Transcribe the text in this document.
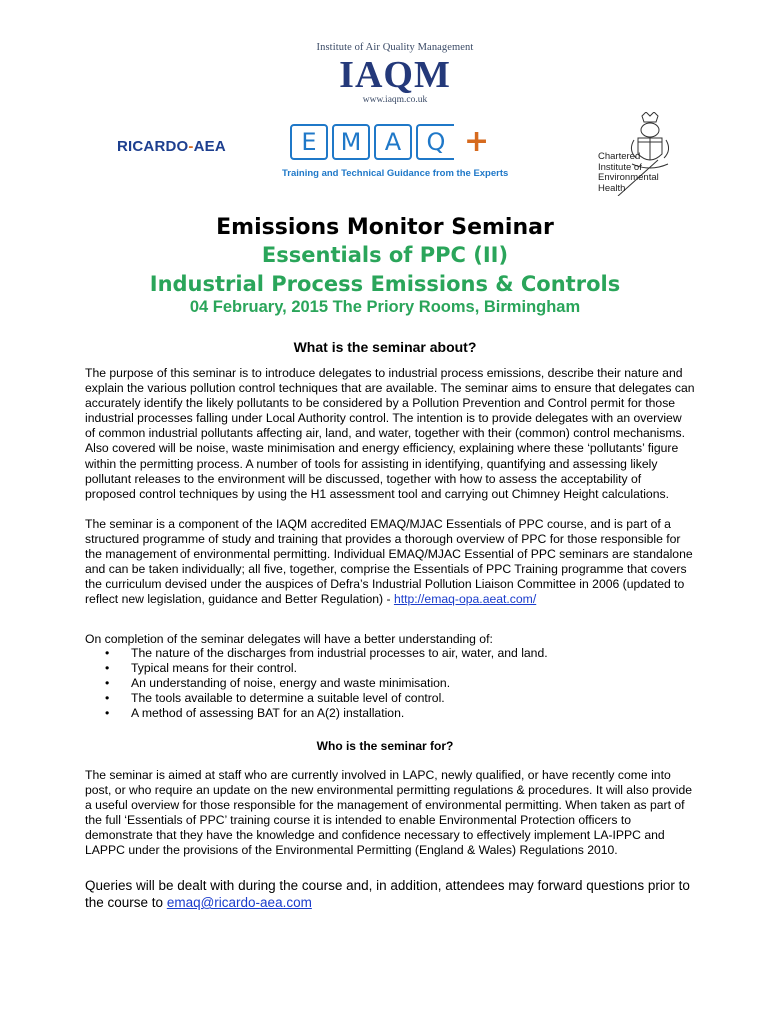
Institute of Air Quality Management
IAQM
www.iaqm.co.uk
RICARDO-AEA	E	M A	Q +
Training and Technical Guidance from the Experts
Chartered
Institute of
Environmental
Health
Emissions Monitor Seminar
Essentials of PPC (II)
Industrial Process Emissions & Controls
04 February, 2015 The Priory Rooms, Birmingham
What is the seminar about?

The purpose of this seminar is to introduce delegates to industrial process emissions, describe their nature and explain the various pollution control techniques that are available. The seminar aims to ensure that delegates can accurately identify the likely pollutants to be considered by a Pollution Prevention and Control permit for those industrial processes falling under Local Authority control. The intention is to provide delegates with an overview of common industrial pollutants affecting air, land, and water, together with their (common) control mechanisms. Also covered will be noise, waste minimisation and energy efficiency, explaining where these ‘pollutants’ figure within the permitting process. A number of tools for assisting in identifying, quantifying and assessing likely pollutant releases to the environment will be discussed, together with how to assess the acceptability of proposed control techniques by using the H1 assessment tool and carrying out Chimney Height calculations.

The seminar is a component of the IAQM accredited EMAQ/MJAC Essentials of PPC course, and is part of a structured programme of study and training that provides a thorough overview of PPC for those responsible for the management of environmental permitting. Individual EMAQ/MJAC Essential of PPC seminars are standalone and can be taken individually; all five, together, comprise the Essentials of PPC Training programme that covers the curriculum devised under the auspices of Defra’s Industrial Pollution Liaison Committee in 2006 (updated to reflect new legislation, guidance and Better Regulation) - http://emaq-opa.aeat.com/

On completion of the seminar delegates will have a better understanding of:

• The nature of the discharges from industrial processes to air, water, and land.
• Typical means for their control.
• An understanding of noise, energy and waste minimisation.
• The tools available to determine a suitable level of control.
• A method of assessing BAT for an A(2) installation.
Who is the seminar for?

The seminar is aimed at staff who are currently involved in LAPC, newly qualified, or have recently come into post, or who require an update on the new environmental permitting regulations & procedures. It will also provide a useful overview for those responsible for the management of environmental permitting. When taken as part of the full ‘Essentials of PPC’ training course it is intended to enable Environmental Protection officers to demonstrate that they have the knowledge and confidence necessary to effectively implement LA-IPPC and LAPPC under the provisions of the Environmental Permitting (England & Wales) Regulations 2010.

Queries will be dealt with during the course and, in addition, attendees may forward questions prior to the course to emaq@ricardo-aea.com
